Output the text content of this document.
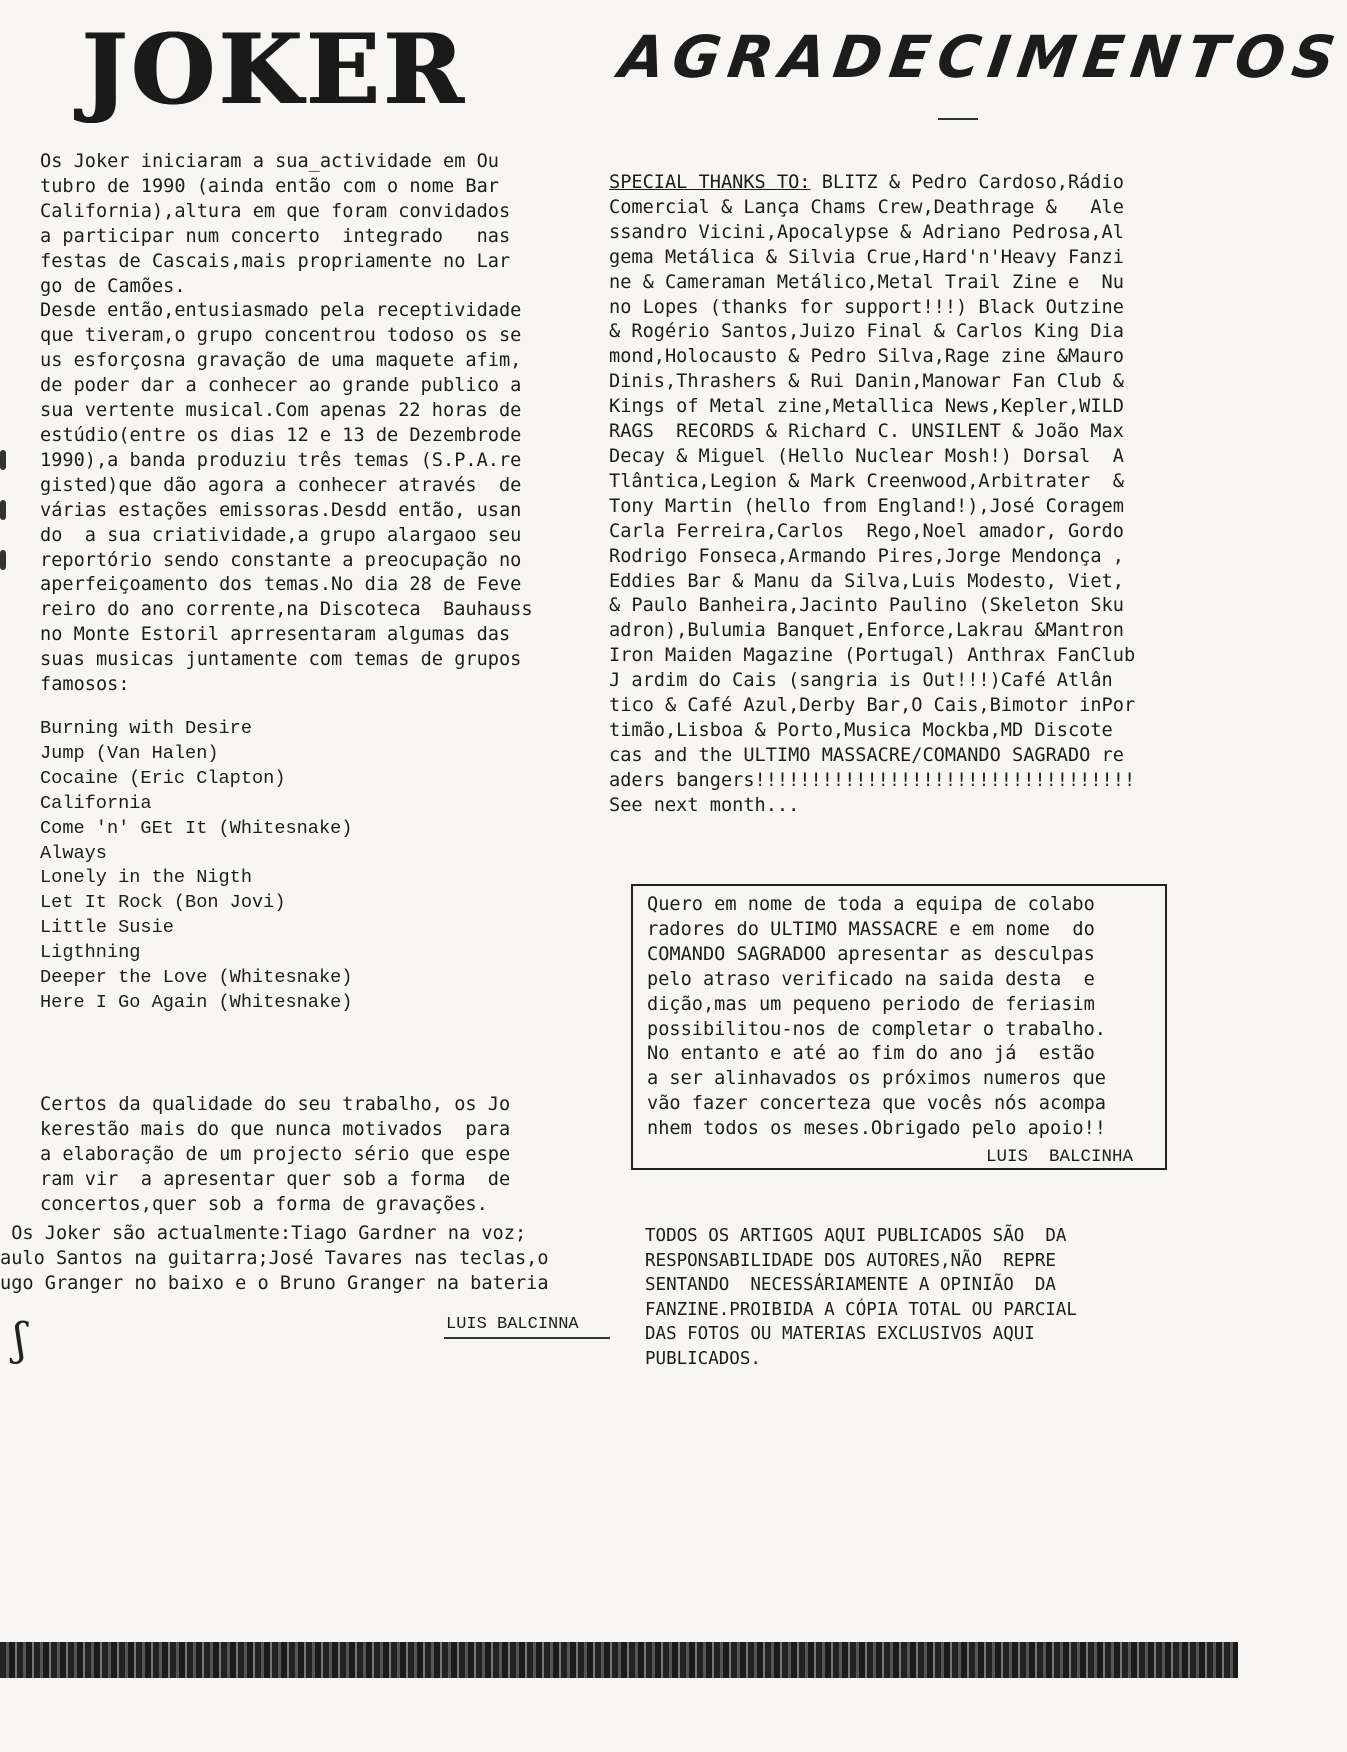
JOKER	AGRADECIMENTOS
Os Joker iniciaram a sua_actividade em Ou
tubro de 1990 (ainda então com o nome Bar
California),altura em que foram convidados
a participar num concerto  integrado   nas
festas de Cascais,mais propriamente no Lar
go de Camões.
Desde então,entusiasmado pela receptividade
que tiveram,o grupo concentrou todoso os se
us esforçosna gravação de uma maquete afim,
de poder dar a conhecer ao grande publico a
sua vertente musical.Com apenas 22 horas de
estúdio(entre os dias 12 e 13 de Dezembrode
1990),a banda produziu três temas (S.P.A.re
gisted)que dão agora a conhecer através  de
várias estações emissoras.Desdd então, usan
do  a sua criatividade,a grupo alargaoo seu
reportório sendo constante a preocupação no
aperfeiçoamento dos temas.No dia 28 de Feve
reiro do ano corrente,na Discoteca  Bauhauss
no Monte Estoril aprresentaram algumas das
suas musicas juntamente com temas de grupos
famosos:
Burning with Desire
Jump (Van Halen)
Cocaine (Eric Clapton)
California
Come 'n' GEt It (Whitesnake)
Always
Lonely in the Nigth
Let It Rock (Bon Jovi)
Little Susie
Ligthning
Deeper the Love (Whitesnake)
Here I Go Again (Whitesnake)
Certos da qualidade do seu trabalho, os Jo
kerestão mais do que nunca motivados  para
a elaboração de um projecto sério que espe
ram vir  a apresentar quer sob a forma  de
concertos,quer sob a forma de gravações.
Os Joker são actualmente:Tiago Gardner na voz;
aulo Santos na guitarra;José Tavares nas teclas,o
ugo Granger no baixo e o Bruno Granger na bateria
LUIS BALCINNA
SPECIAL THANKS TO: BLITZ & Pedro Cardoso,Rádio
Comercial & Lança Chams Crew,Deathrage &   Ale
ssandro Vicini,Apocalypse & Adriano Pedrosa,Al
gema Metálica & Silvia Crue,Hard'n'Heavy Fanzi
ne & Cameraman Metálico,Metal Trail Zine e  Nu
no Lopes (thanks for support!!!) Black Outzine
& Rogério Santos,Juizo Final & Carlos King Dia
mond,Holocausto & Pedro Silva,Rage zine &Mauro
Dinis,Thrashers & Rui Danin,Manowar Fan Club &
Kings of Metal zine,Metallica News,Kepler,WILD
RAGS  RECORDS & Richard C. UNSILENT & João Max
Decay & Miguel (Hello Nuclear Mosh!) Dorsal  A
Tlântica,Legion & Mark Creenwood,Arbitrater  &
Tony Martin (hello from England!),José Coragem
Carla Ferreira,Carlos  Rego,Noel amador, Gordo
Rodrigo Fonseca,Armando Pires,Jorge Mendonça ,
Eddies Bar & Manu da Silva,Luis Modesto, Viet,
& Paulo Banheira,Jacinto Paulino (Skeleton Sku
adron),Bulumia Banquet,Enforce,Lakrau &Mantron
Iron Maiden Magazine (Portugal) Anthrax FanClub
J ardim do Cais (sangria is Out!!!)Café Atlân
tico & Café Azul,Derby Bar,O Cais,Bimotor inPor
timão,Lisboa & Porto,Musica Mockba,MD Discote
cas and the ULTIMO MASSACRE/COMANDO SAGRADO re
aders bangers!!!!!!!!!!!!!!!!!!!!!!!!!!!!!!!!!!
See next month...
Quero em nome de toda a equipa de colabo
radores do ULTIMO MASSACRE e em nome  do
COMANDO SAGRADOO apresentar as desculpas
pelo atraso verificado na saida desta  e
dição,mas um pequeno periodo de feriasim
possibilitou-nos de completar o trabalho.
No entanto e até ao fim do ano já  estão
a ser alinhavados os próximos numeros que
vão fazer concerteza que vocês nós acompa
nhem todos os meses.Obrigado pelo apoio!!
LUIS  BALCINHA
TODOS OS ARTIGOS AQUI PUBLICADOS SÃO  DA
RESPONSABILIDADE DOS AUTORES,NÃO  REPRE
SENTANDO  NECESSÁRIAMENTE A OPINIÃO  DA
FANZINE.PROIBIDA A CÓPIA TOTAL OU PARCIAL
DAS FOTOS OU MATERIAS EXCLUSIVOS AQUI
PUBLICADOS.
ʃ
